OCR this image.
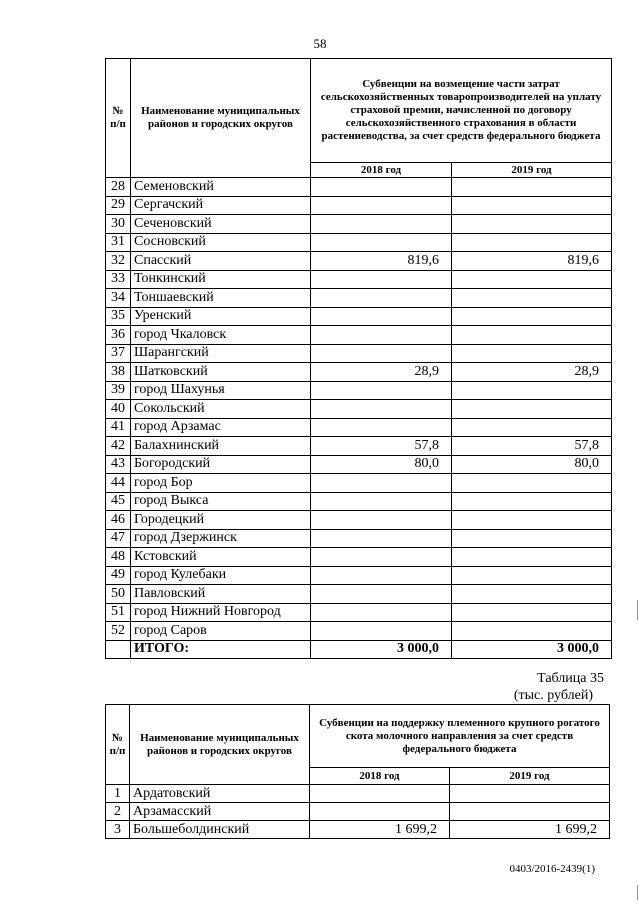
58
№ п/п	Наименование муниципальных районов и городских округов	Субвенции на возмещение части затрат сельскохозяйственных товаропроизводителей на уплату страховой премии, начисленной по договору сельскохозяйственного страхования в области растениеводства, за счет средств федерального бюджета	
		2018 год	2019 год
28	Семеновский		
29	Сергачский		
30	Сеченовский		
31	Сосновский		
32	Спасский	819,6	819,6
33	Тонкинский		
34	Тоншаевский		
35	Уренский		
36	город Чкаловск		
37	Шарангский		
38	Шатковский	28,9	28,9
39	город Шахунья		
40	Сокольский		
41	город Арзамас		
42	Балахнинский	57,8	57,8
43	Богородский	80,0	80,0
44	город Бор		
45	город Выкса		
46	Городецкий		
47	город Дзержинск		
48	Кстовский		
49	город Кулебаки		
50	Павловский		
51	город Нижний Новгород		
52	город Саров		
	ИТОГО:	3 000,0	3 000,0
Таблица 35
(тыс. рублей)
№ п/п	Наименование муниципальных районов и городских округов	Субвенции на поддержку племенного крупного рогатого скота молочного направления за счет средств федерального бюджета	
		2018 год	2019 год
1	Ардатовский		
2	Арзамасский		
3	Большеболдинский	1 699,2	1 699,2
0403/2016-2439(1)
